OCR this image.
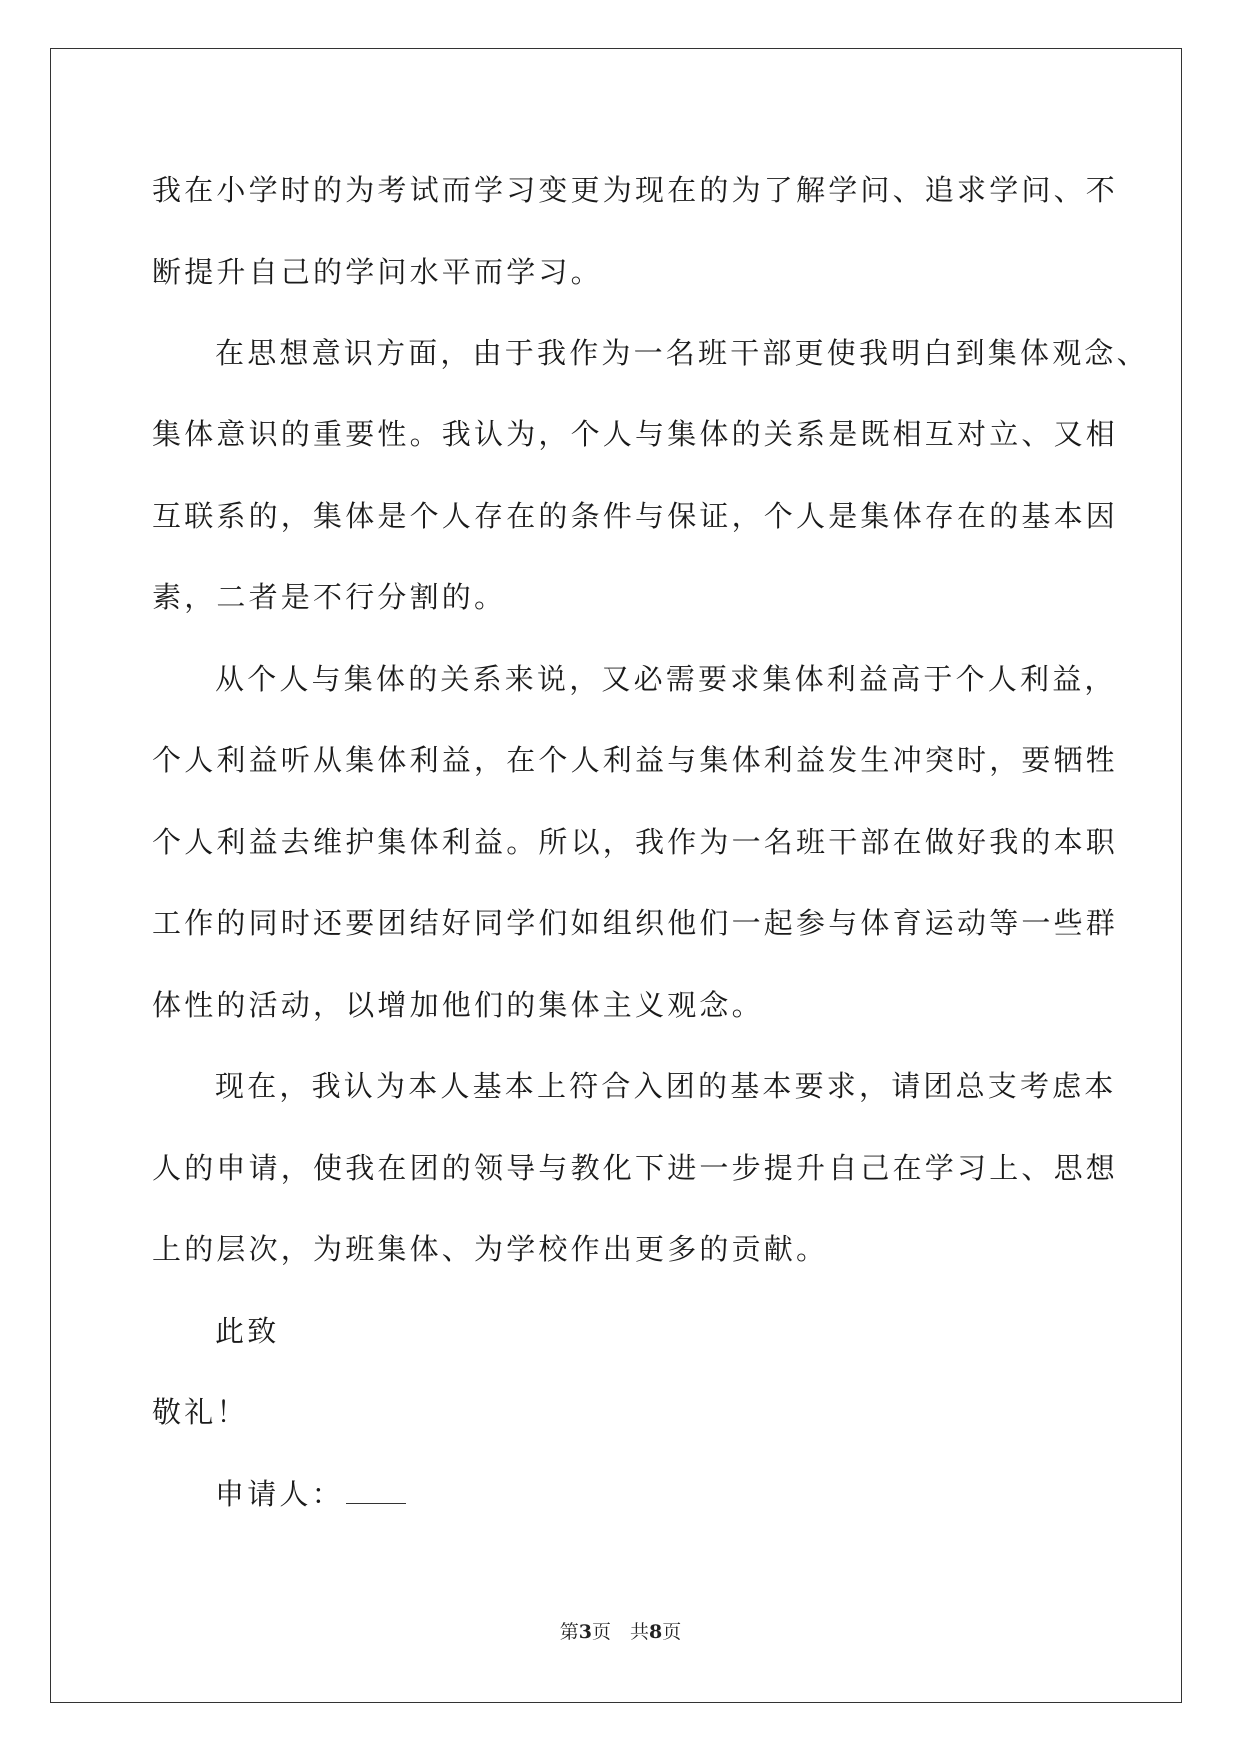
我在小学时的为考试而学习变更为现在的为了解学问、追求学问、不
断提升自己的学问水平而学习。
在思想意识方面，由于我作为一名班干部更使我明白到集体观念、
集体意识的重要性。我认为，个人与集体的关系是既相互对立、又相
互联系的，集体是个人存在的条件与保证，个人是集体存在的基本因
素，二者是不行分割的。
从个人与集体的关系来说，又必需要求集体利益高于个人利益，
个人利益听从集体利益，在个人利益与集体利益发生冲突时，要牺牲
个人利益去维护集体利益。所以，我作为一名班干部在做好我的本职
工作的同时还要团结好同学们如组织他们一起参与体育运动等一些群
体性的活动，以增加他们的集体主义观念。
现在，我认为本人基本上符合入团的基本要求，请团总支考虑本
人的申请，使我在团的领导与教化下进一步提升自己在学习上、思想
上的层次，为班集体、为学校作出更多的贡献。
此致
敬礼！
申请人：
第3页　共8页
